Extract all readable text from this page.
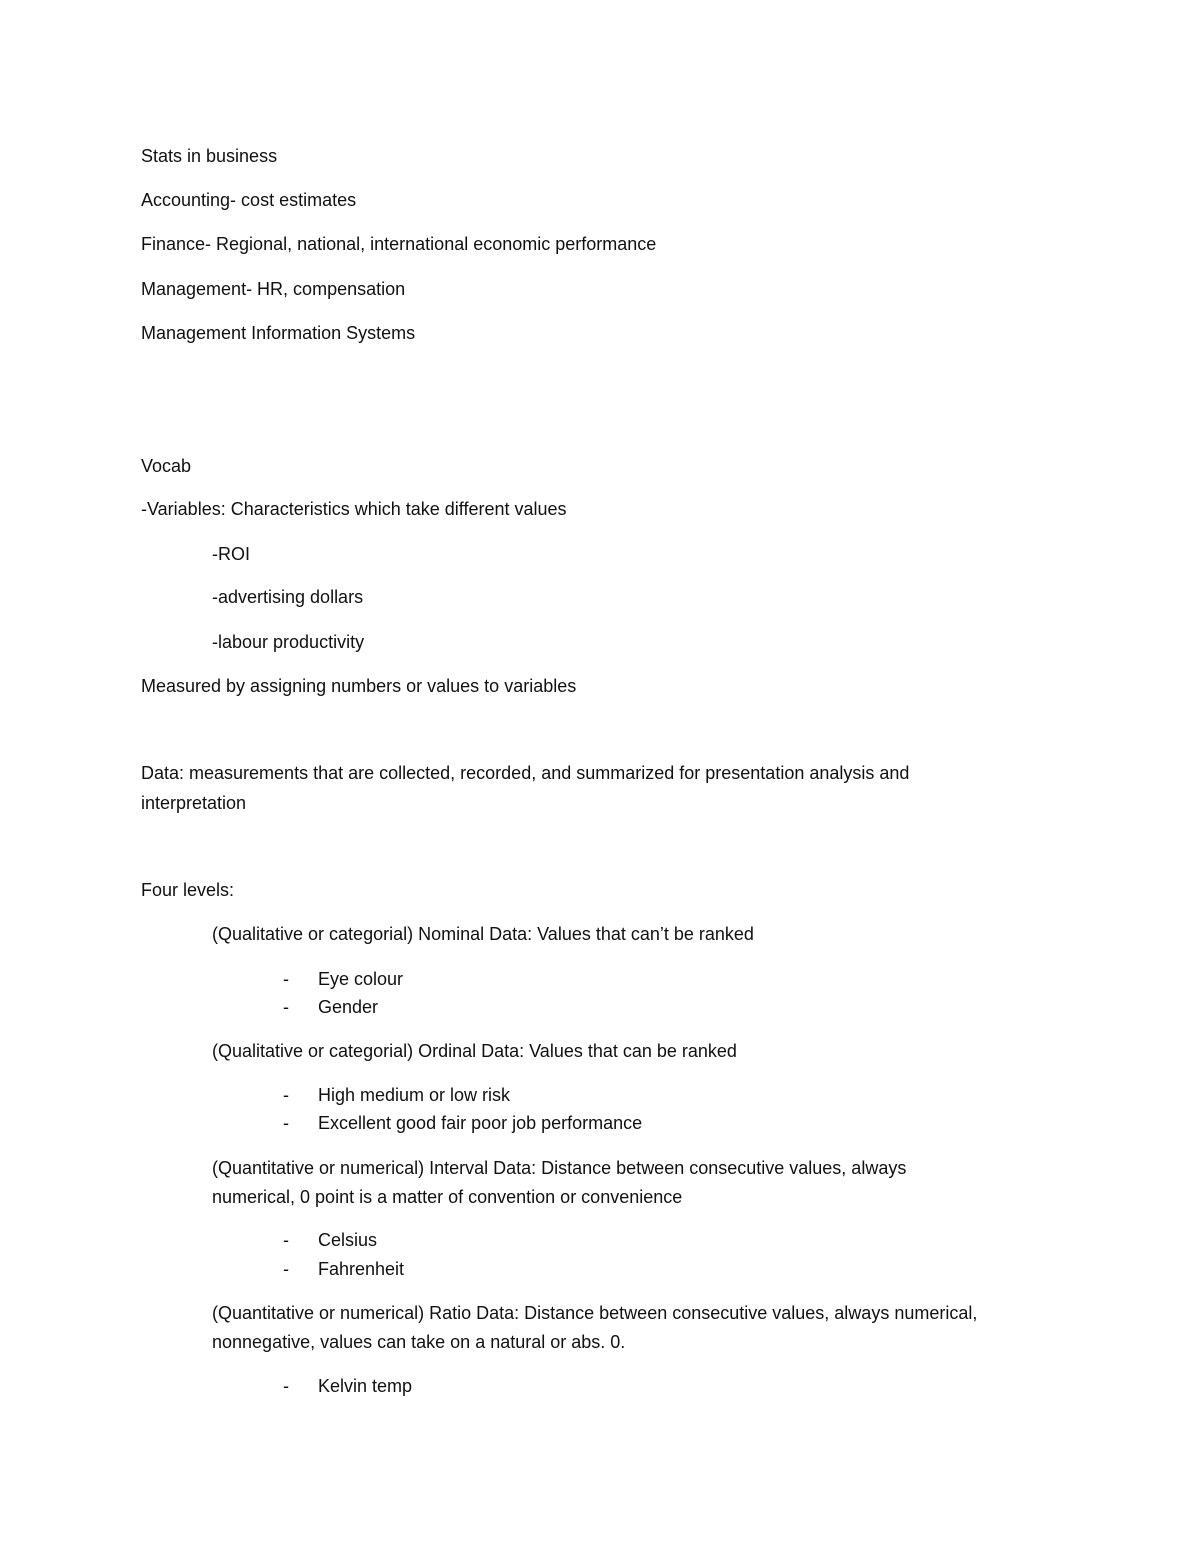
Stats in business
Accounting- cost estimates
Finance- Regional, national, international economic performance
Management- HR, compensation
Management Information Systems
Vocab
-Variables: Characteristics which take different values
-ROI
-advertising dollars
-labour productivity
Measured by assigning numbers or values to variables
Data: measurements that are collected, recorded, and summarized for presentation analysis and
interpretation
Four levels:
(Qualitative or categorial) Nominal Data: Values that can’t be ranked
- Eye colour
- Gender
(Qualitative or categorial) Ordinal Data: Values that can be ranked
- High medium or low risk
- Excellent good fair poor job performance
(Quantitative or numerical) Interval Data: Distance between consecutive values, always
numerical, 0 point is a matter of convention or convenience
- Celsius
- Fahrenheit
(Quantitative or numerical) Ratio Data: Distance between consecutive values, always numerical,
nonnegative, values can take on a natural or abs. 0.
- Kelvin temp
